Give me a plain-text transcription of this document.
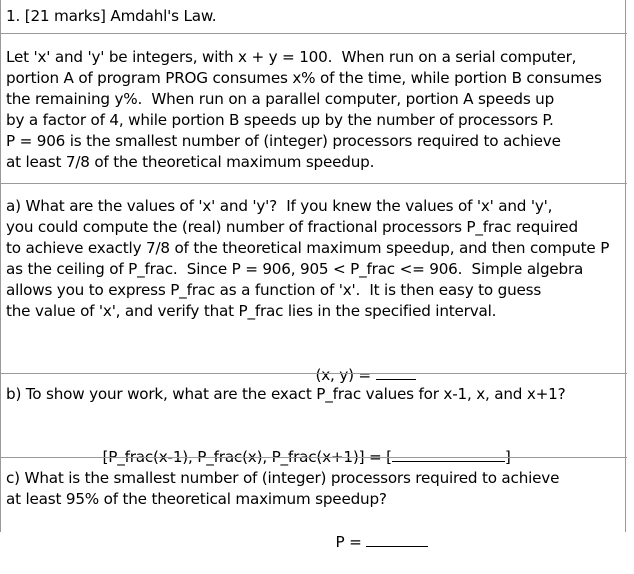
1. [21 marks] Amdahl's Law.
Let 'x' and 'y' be integers, with x + y = 100.  When run on a serial computer,
portion A of program PROG consumes x% of the time, while portion B consumes
the remaining y%.  When run on a parallel computer, portion A speeds up
by a factor of 4, while portion B speeds up by the number of processors P.
P = 906 is the smallest number of (integer) processors required to achieve
at least 7/8 of the theoretical maximum speedup.
a) What are the values of 'x' and 'y'?  If you knew the values of 'x' and 'y',
you could compute the (real) number of fractional processors P_frac required
to achieve exactly 7/8 of the theoretical maximum speedup, and then compute P
as the ceiling of P_frac.  Since P = 906, 905 < P_frac <= 906.  Simple algebra
allows you to express P_frac as a function of 'x'.  It is then easy to guess
the value of 'x', and verify that P_frac lies in the specified interval.

(x, y) =

b) To show your work, what are the exact P_frac values for x-1, x, and x+1?

[P_frac(x-1), P_frac(x), P_frac(x+1)] = [	]

c) What is the smallest number of (integer) processors required to achieve
at least 95% of the theoretical maximum speedup?

P =
